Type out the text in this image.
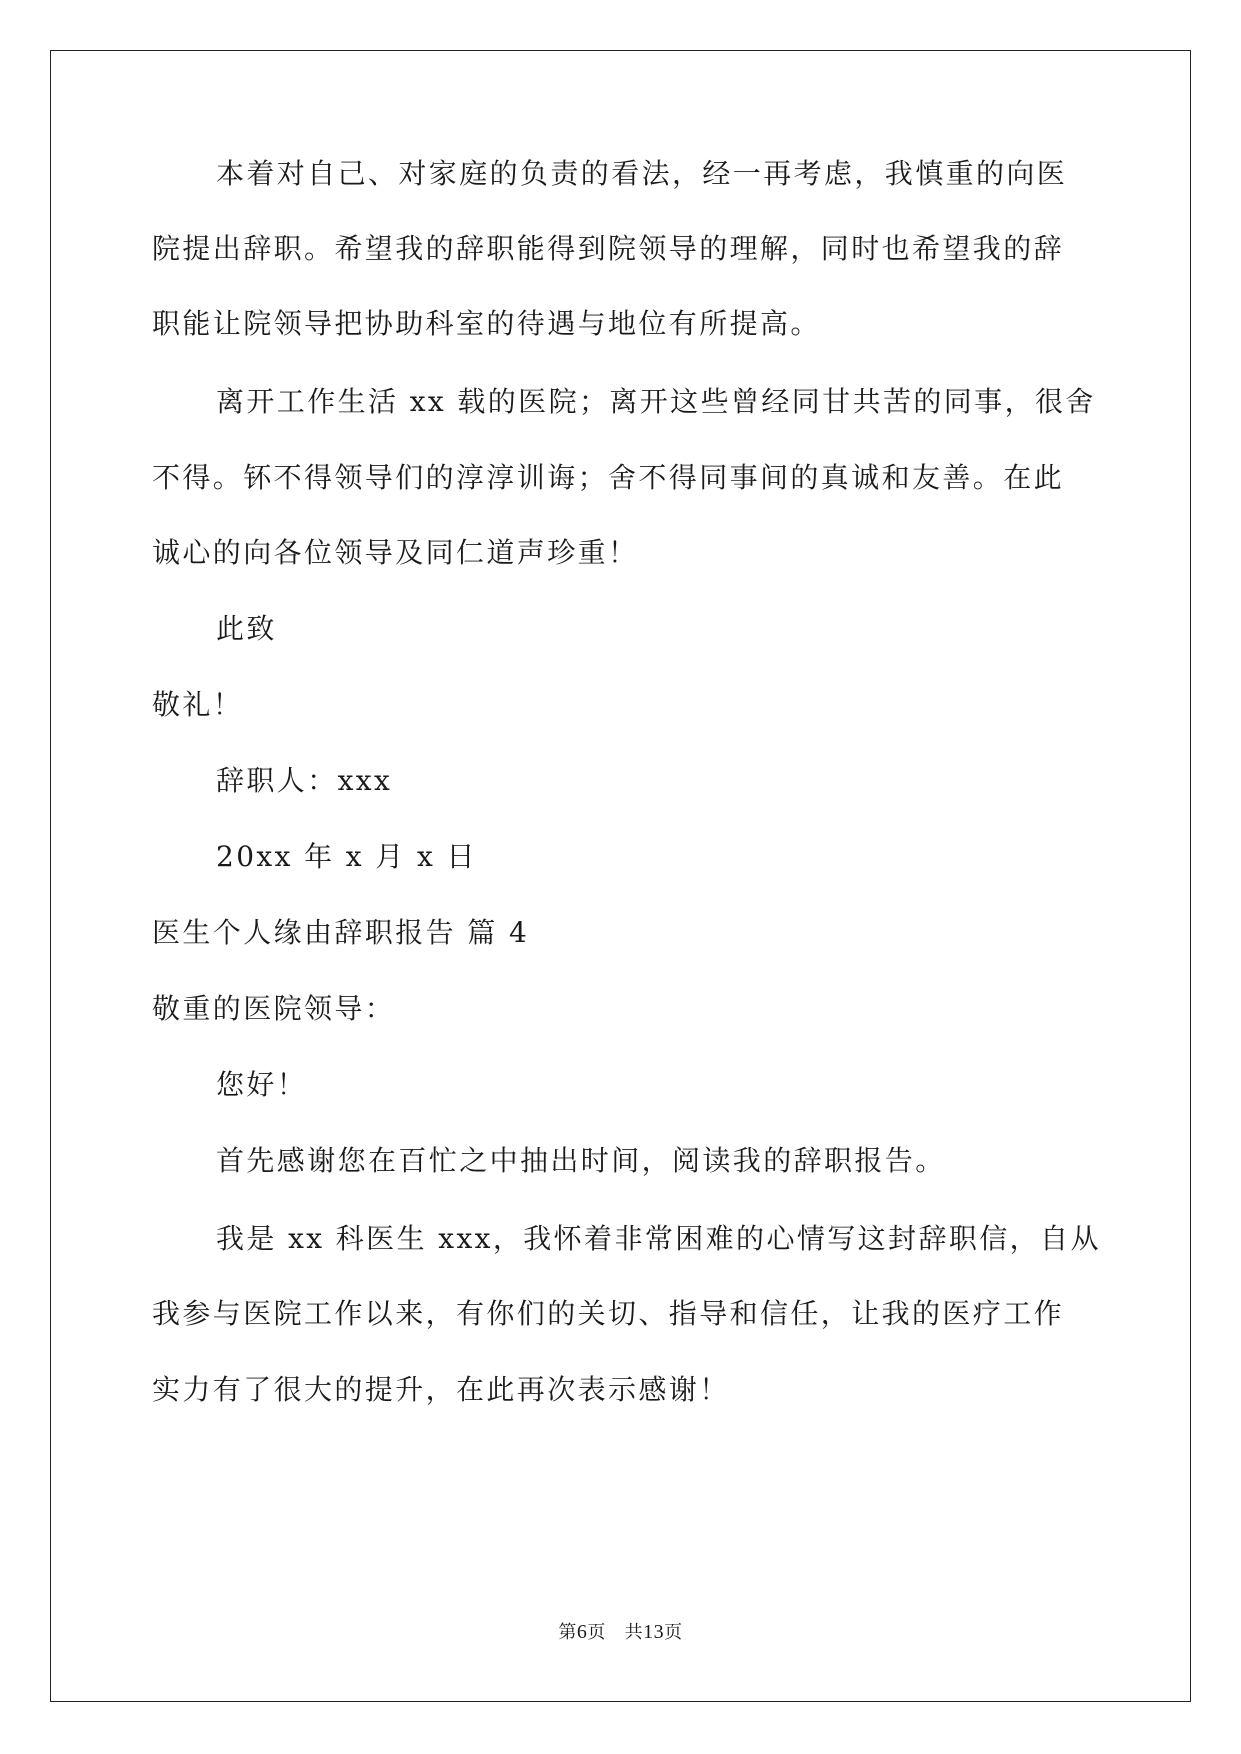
本着对自己、对家庭的负责的看法，经一再考虑，我慎重的向医
院提出辞职。希望我的辞职能得到院领导的理解，同时也希望我的辞
职能让院领导把协助科室的待遇与地位有所提高。
离开工作生活 xx 载的医院；离开这些曾经同甘共苦的同事，很舍
不得。钚不得领导们的淳淳训诲；舍不得同事间的真诚和友善。在此
诚心的向各位领导及同仁道声珍重！
此致
敬礼！
辞职人：xxx
20xx 年 x 月 x 日
医生个人缘由辞职报告 篇 4
敬重的医院领导：
您好！
首先感谢您在百忙之中抽出时间，阅读我的辞职报告。
我是 xx 科医生 xxx，我怀着非常困难的心情写这封辞职信，自从
我参与医院工作以来，有你们的关切、指导和信任，让我的医疗工作
实力有了很大的提升，在此再次表示感谢！
第6页 共13页
